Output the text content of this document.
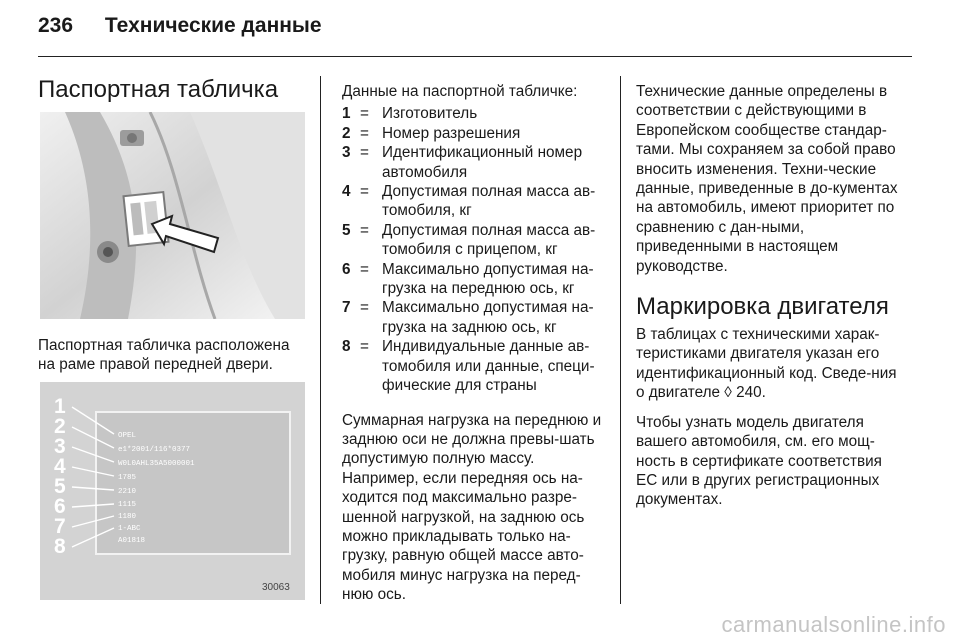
236 Технические данные
Паспортная табличка

Паспортная табличка расположена на раме правой передней двери.

1
2
3
4
5
6
7
8
OPEL
e1*2001/116*0377
W0L0AHL35A5000001
1785
2210
1115
1180
1-ABC
A01818
30063

Данные на паспортной табличке:

1 = Изготовитель
2 = Номер разрешения
3 = Идентификационный номер автомобиля
4 = Допустимая полная масса ав-томобиля, кг
5 = Допустимая полная масса ав-томобиля с прицепом, кг
6 = Максимально допустимая на-грузка на переднюю ось, кг
7 = Максимально допустимая на-грузка на заднюю ось, кг
8 = Индивидуальные данные ав-томобиля или данные, специ-фические для страны

Суммарная нагрузка на переднюю и заднюю оси не должна превы-шать допустимую полную массу. Например, если передняя ось на-ходится под максимально разре-шенной нагрузкой, на заднюю ось можно прикладывать только на-грузку, равную общей массе авто-мобиля минус нагрузка на перед-нюю ось.

Технические данные определены в соответствии с действующими в Европейском сообществе стандар-тами. Мы сохраняем за собой право вносить изменения. Техни-ческие данные, приведенные в до-кументах на автомобиль, имеют приоритет по сравнению с дан-ными, приведенными в настоящем руководстве.

Маркировка двигателя

В таблицах с техническими харак-теристиками двигателя указан его идентификационный код. Сведе-ния о двигателе ◊ 240.

Чтобы узнать модель двигателя вашего автомобиля, см. его мощ-ность в сертификате соответствия ЕС или в других регистрационных документах.

carmanualsonline.info
